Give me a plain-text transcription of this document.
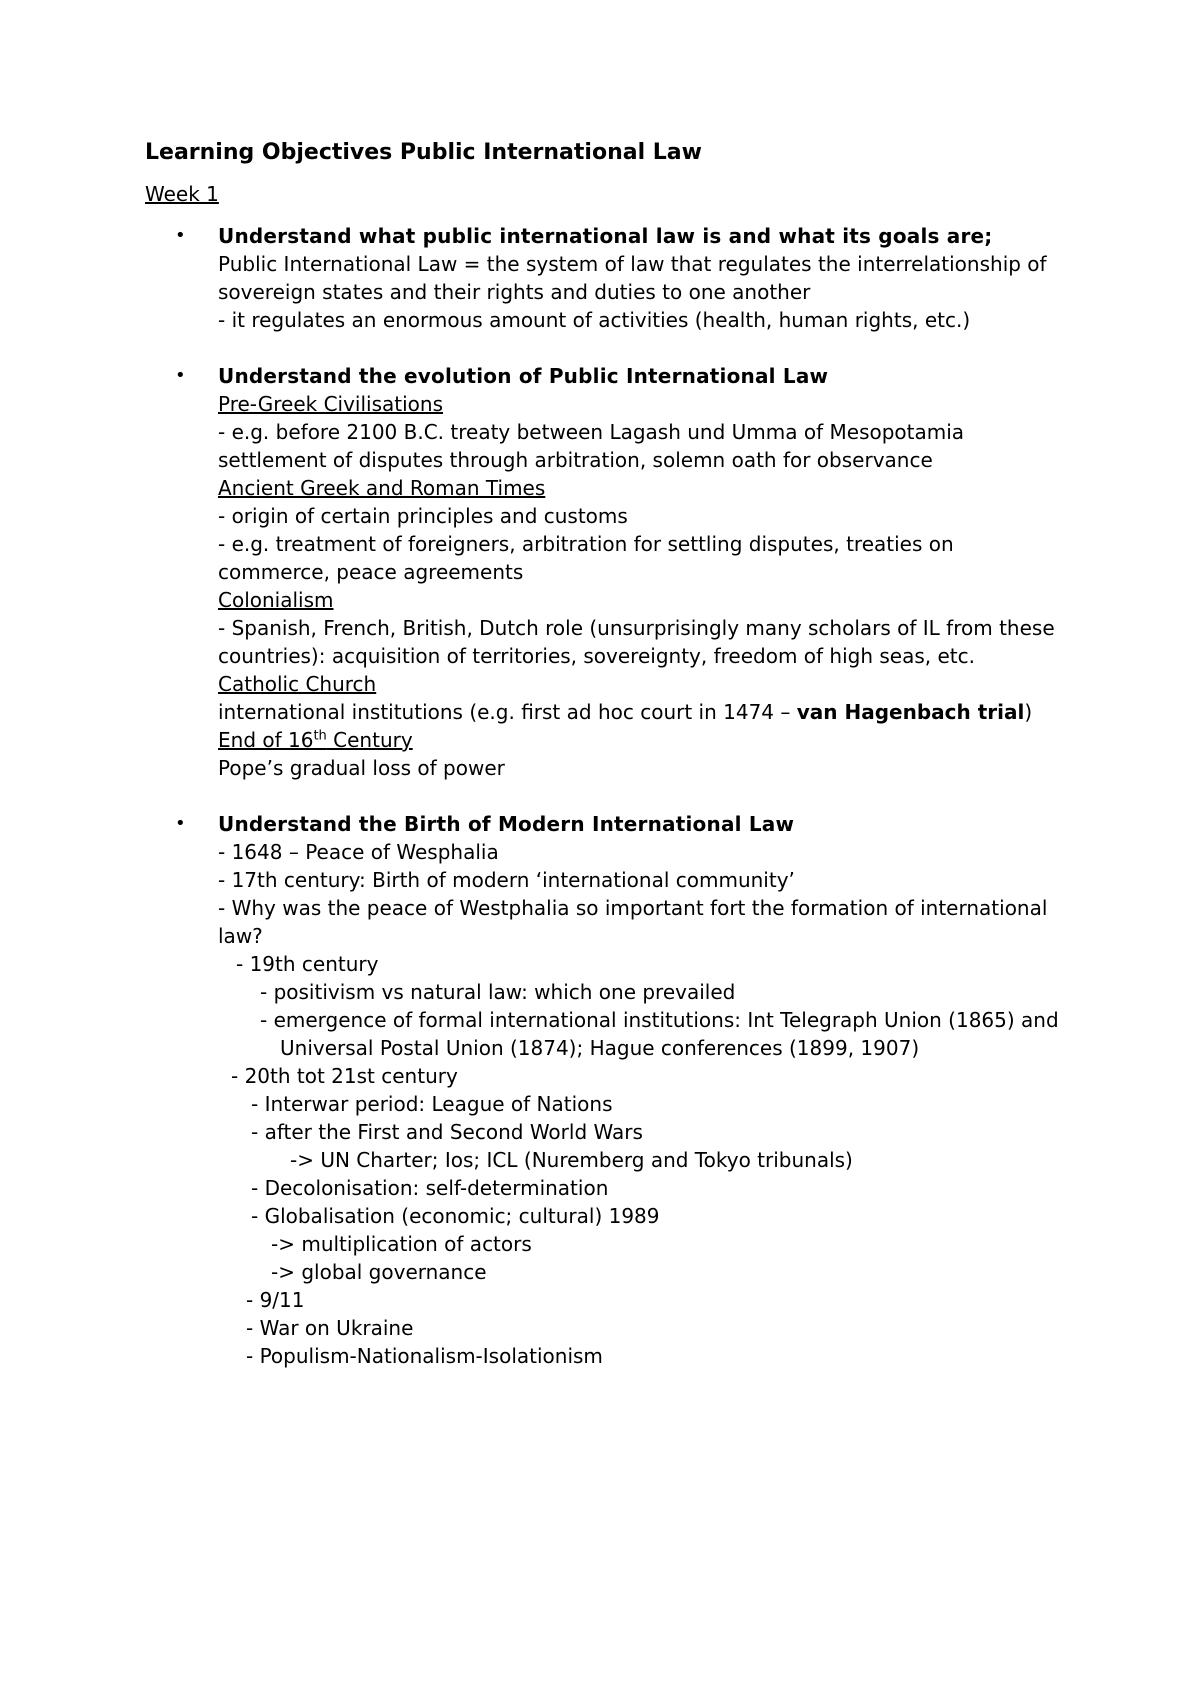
Learning Objectives Public International Law
Week 1
• Understand what public international law is and what its goals are;
Public International Law = the system of law that regulates the interrelationship of sovereign states and their rights and duties to one another
- it regulates an enormous amount of activities (health, human rights, etc.)
• Understand the evolution of Public International Law
Pre-Greek Civilisations
- e.g. before 2100 B.C. treaty between Lagash und Umma of Mesopotamia settlement of disputes through arbitration, solemn oath for observance
Ancient Greek and Roman Times
- origin of certain principles and customs
- e.g. treatment of foreigners, arbitration for settling disputes, treaties on commerce, peace agreements
Colonialism
- Spanish, French, British, Dutch role (unsurprisingly many scholars of IL from these countries): acquisition of territories, sovereignty, freedom of high seas, etc.
Catholic Church
international institutions (e.g. first ad hoc court in 1474 – van Hagenbach trial)
End of 16th Century
Pope’s gradual loss of power
• Understand the Birth of Modern International Law
- 1648 – Peace of Wesphalia
- 17th century: Birth of modern ‘international community’
- Why was the peace of Westphalia so important fort the formation of international law?
- 19th century
- positivism vs natural law: which one prevailed
- emergence of formal international institutions: Int Telegraph Union (1865) and
Universal Postal Union (1874); Hague conferences (1899, 1907)
- 20th tot 21st century
- Interwar period: League of Nations
- after the First and Second World Wars
-> UN Charter; Ios; ICL (Nuremberg and Tokyo tribunals)
- Decolonisation: self-determination
- Globalisation (economic; cultural) 1989
-> multiplication of actors
-> global governance
- 9/11
- War on Ukraine
- Populism-Nationalism-Isolationism
